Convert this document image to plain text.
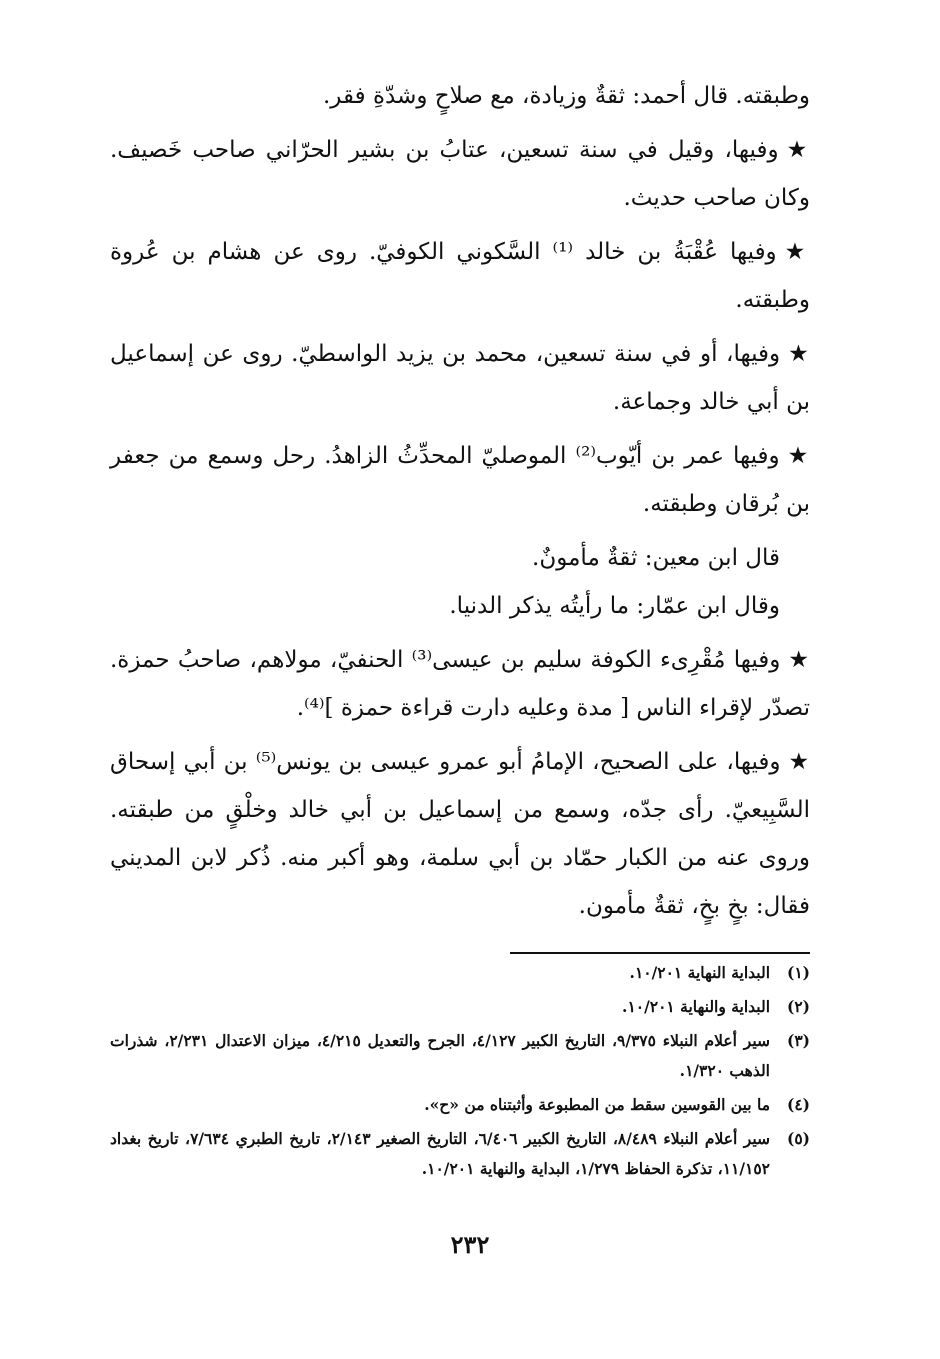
وطبقته. قال أحمد: ثقةٌ وزيادة، مع صلاحٍ وشدّةِ فقر.

★وفيها، وقيل في سنة تسعين، عتابُ بن بشير الحرّاني صاحب خَصيف. وكان صاحب حديث.

★وفيها عُقْبَةُ بن خالد ⁽¹⁾ السَّكوني الكوفيّ. روى عن هشام بن عُروة وطبقته.

★وفيها، أو في سنة تسعين، محمد بن يزيد الواسطيّ. روى عن إسماعيل بن أبي خالد وجماعة.

★وفيها عمر بن أيّوب⁽²⁾ الموصليّ المحدِّثُ الزاهدُ. رحل وسمع من جعفر بن بُرقان وطبقته.

قال ابن معين: ثقةٌ مأمونٌ.

وقال ابن عمّار: ما رأيتُه يذكر الدنيا.

★وفيها مُقْرِىء الكوفة سليم بن عيسى⁽³⁾ الحنفيّ، مولاهم، صاحبُ حمزة. تصدّر لإقراء الناس [ مدة وعليه دارت قراءة حمزة ]⁽⁴⁾.

★وفيها، على الصحيح، الإمامُ أبو عمرو عيسى بن يونس⁽⁵⁾ بن أبي إسحاق السَّبِيعيّ. رأى جدّه، وسمع من إسماعيل بن أبي خالد وخلْقٍ من طبقته. وروى عنه من الكبار حمّاد بن أبي سلمة، وهو أكبر منه. ذُكر لابن المديني فقال: بخٍ بخٍ، ثقةٌ مأمون.

(١)
البداية النهاية ١٠/٢٠١.
(٢)
البداية والنهاية ١٠/٢٠١.
(٣)
سير أعلام النبلاء ٩/٣٧٥، التاريخ الكبير ٤/١٢٧، الجرح والتعديل ٤/٢١٥، ميزان الاعتدال ٢/٢٣١، شذرات الذهب ١/٣٢٠.
(٤)
ما بين القوسين سقط من المطبوعة وأثبتناه من «ح».
(٥)
سير أعلام النبلاء ٨/٤٨٩، التاريخ الكبير ٦/٤٠٦، التاريخ الصغير ٢/١٤٣، تاريخ الطبري ٧/٦٣٤، تاريخ بغداد ١١/١٥٢، تذكرة الحفاظ ١/٢٧٩، البداية والنهاية ١٠/٢٠١.
٢٣٢
